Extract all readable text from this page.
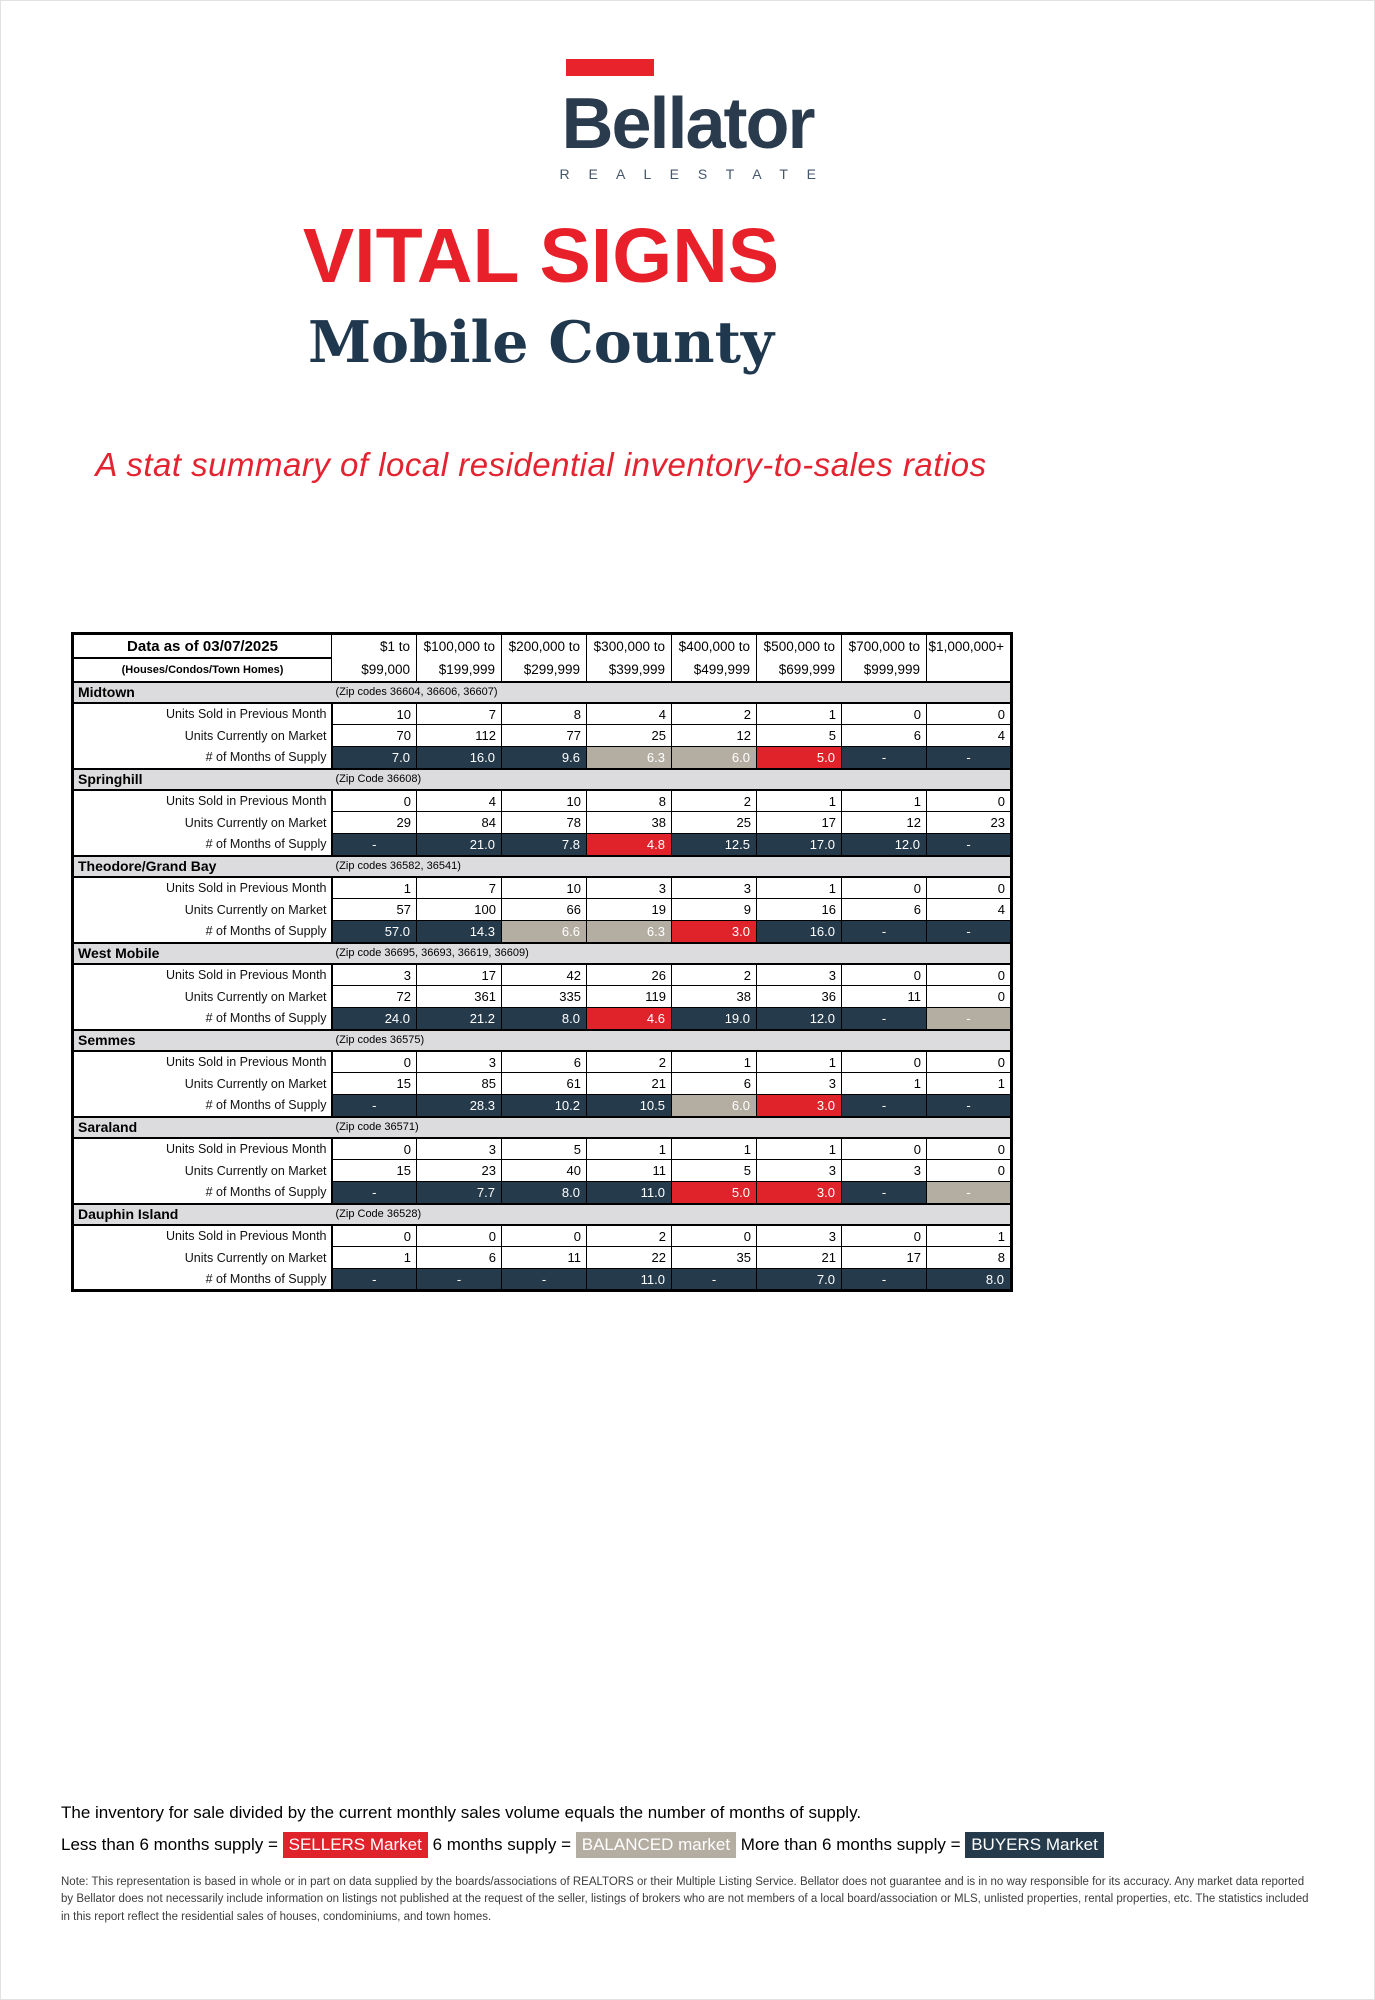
Bellator
R E A L E S T A T E
VITAL SIGNS
Mobile County
A stat summary of local residential inventory-to-sales ratios
Data as of 03/07/2025	$1 to	$100,000 to	$200,000 to	$300,000 to	$400,000 to	$500,000 to	$700,000 to	$1,000,000+
(Houses/Condos/Town Homes)	$99,000	$199,999	$299,999	$399,999	$499,999	$699,999	$999,999	
Midtown	(Zip codes 36604, 36606, 36607)							
Units Sold in Previous Month	10	7	8	4	2	1	0	0
Units Currently on Market	70	112	77	25	12	5	6	4
# of Months of Supply	7.0	16.0	9.6	6.3	6.0	5.0	-	-
Springhill	(Zip Code 36608)							
Units Sold in Previous Month	0	4	10	8	2	1	1	0
Units Currently on Market	29	84	78	38	25	17	12	23
# of Months of Supply	-	21.0	7.8	4.8	12.5	17.0	12.0	-
Theodore/Grand Bay	(Zip codes 36582, 36541)							
Units Sold in Previous Month	1	7	10	3	3	1	0	0
Units Currently on Market	57	100	66	19	9	16	6	4
# of Months of Supply	57.0	14.3	6.6	6.3	3.0	16.0	-	-
West Mobile	(Zip code 36695, 36693, 36619, 36609)							
Units Sold in Previous Month	3	17	42	26	2	3	0	0
Units Currently on Market	72	361	335	119	38	36	11	0
# of Months of Supply	24.0	21.2	8.0	4.6	19.0	12.0	-	-
Semmes	(Zip codes 36575)							
Units Sold in Previous Month	0	3	6	2	1	1	0	0
Units Currently on Market	15	85	61	21	6	3	1	1
# of Months of Supply	-	28.3	10.2	10.5	6.0	3.0	-	-
Saraland	(Zip code 36571)							
Units Sold in Previous Month	0	3	5	1	1	1	0	0
Units Currently on Market	15	23	40	11	5	3	3	0
# of Months of Supply	-	7.7	8.0	11.0	5.0	3.0	-	-
Dauphin Island	(Zip Code 36528)							
Units Sold in Previous Month	0	0	0	2	0	3	0	1
Units Currently on Market	1	6	11	22	35	21	17	8
# of Months of Supply	-	-	-	11.0	-	7.0	-	8.0
The inventory for sale divided by the current monthly sales volume equals the number of months of supply.
Less than 6 months supply = SELLERS Market 6 months supply = BALANCED market More than 6 months supply = BUYERS Market
Note: This representation is based in whole or in part on data supplied by the boards/associations of REALTORS or their Multiple Listing Service. Bellator does not guarantee and is in no way responsible for its accuracy. Any market data reported by Bellator does not necessarily include information on listings not published at the request of the seller, listings of brokers who are not members of a local board/association or MLS, unlisted properties, rental properties, etc. The statistics included in this report reflect the residential sales of houses, condominiums, and town homes.
